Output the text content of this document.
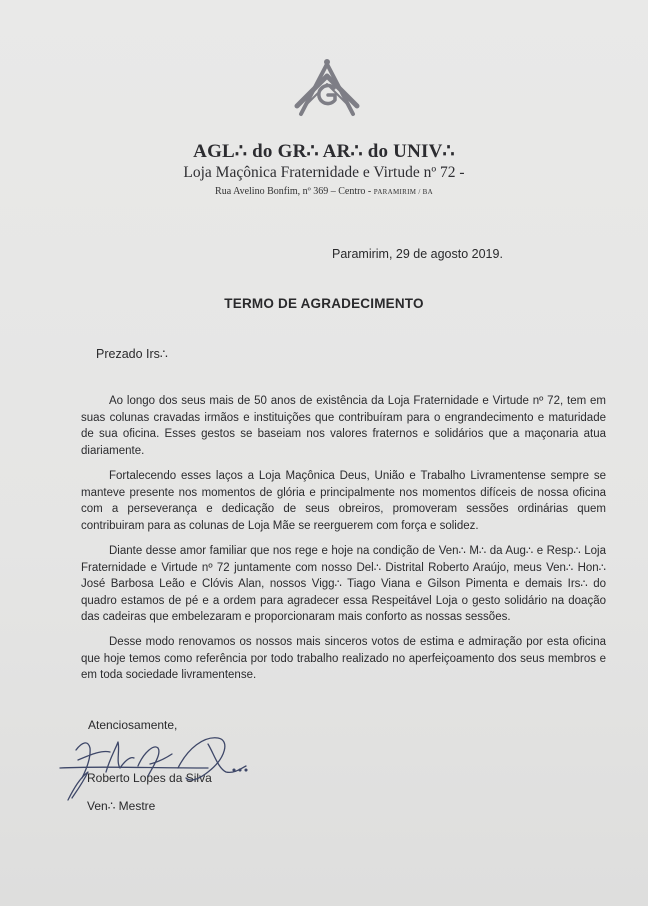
AGL∴ do GR∴ AR∴ do UNIV∴
Loja Maçônica Fraternidade e Virtude nº 72 -
Rua Avelino Bonfim, nº 369 – Centro - PARAMIRIM / BA
Paramirim, 29 de agosto 2019.
TERMO DE AGRADECIMENTO
Prezado Irs∴

Ao longo dos seus mais de 50 anos de existência da Loja Fraternidade e Virtude nº 72, tem em suas colunas cravadas irmãos e instituições que contribuíram para o engrandecimento e maturidade de sua oficina. Esses gestos se baseiam nos valores fraternos e solidários que a maçonaria atua diariamente.

Fortalecendo esses laços a Loja Maçônica Deus, União e Trabalho Livramentense sempre se manteve presente nos momentos de glória e principalmente nos momentos difíceis de nossa oficina com a perseverança e dedicação de seus obreiros, promoveram sessões ordinárias quem contribuiram para as colunas de Loja Mãe se reerguerem com força e solidez.

Diante desse amor familiar que nos rege e hoje na condição de Ven∴ M∴ da Aug∴ e Resp∴ Loja Fraternidade e Virtude nº 72 juntamente com nosso Del∴ Distrital Roberto Araújo, meus Ven∴ Hon∴ José Barbosa Leão e Clóvis Alan, nossos Vigg∴ Tiago Viana e Gilson Pimenta e demais Irs∴ do quadro estamos de pé e a ordem para agradecer essa Respeitável Loja o gesto solidário na doação das cadeiras que embelezaram e proporcionaram mais conforto as nossas sessões.

Desse modo renovamos os nossos mais sinceros votos de estima e admiração por esta oficina que hoje temos como referência por todo trabalho realizado no aperfeiçoamento dos seus membros e em toda sociedade livramentense.

Atenciosamente,
Roberto Lopes da Silva
Ven∴ Mestre
